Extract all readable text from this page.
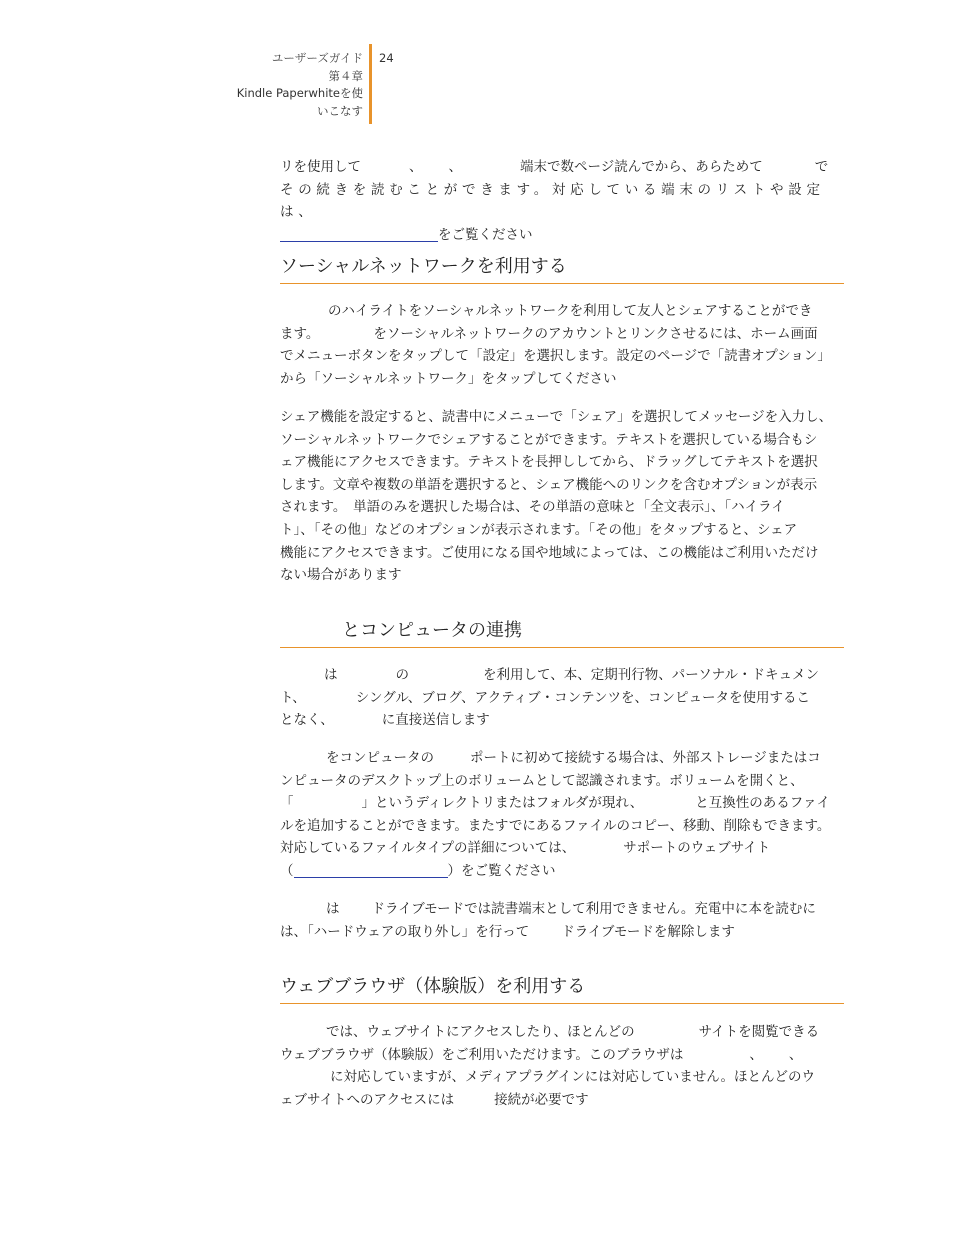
ユーザーズガイド
第４章
Kindle Paperwhiteを使
いこなす
24

リを使用して	、 、	端末で数ページ読んでから、あらためて	で

その続きを読むことができます。対応している端末のリストや設定は、

をご覧ください

ソーシャルネットワークを利用する

のハイライトをソーシャルネットワークを利用して友人とシェアすることができ

ます。	をソーシャルネットワークのアカウントとリンクさせるには、ホーム画面

でメニューボタンをタップして「設定」を選択します。設定のページで「読書オプション」

から「ソーシャルネットワーク」をタップしてください

シェア機能を設定すると、読書中にメニューで「シェア」を選択してメッセージを入力し、

ソーシャルネットワークでシェアすることができます。テキストを選択している場合もシ

ェア機能にアクセスできます。テキストを長押ししてから、ドラッグしてテキストを選択

します。文章や複数の単語を選択すると、シェア機能へのリンクを含むオプションが表示

されます。　単語のみを選択した場合は、その単語の意味と「全文表示」、「ハイライ

ト」、「その他」などのオプションが表示されます。「その他」をタップすると、シェア

機能にアクセスできます。ご使用になる国や地域によっては、この機能はご利用いただけ

ない場合があります

とコンピュータの連携

は	の	を利用して、本、定期刊行物、パーソナル・ドキュメン

ト、	シングル、ブログ、アクティブ・コンテンツを、コンピュータを使用するこ

となく、	に直接送信します

をコンピュータの	ポートに初めて接続する場合は、外部ストレージまたはコ

ンピュータのデスクトップ上のボリュームとして認識されます。ボリュームを開くと、

「	」というディレクトリまたはフォルダが現れ、	と互換性のあるファイ

ルを追加することができます。またすでにあるファイルのコピー、移動、削除もできます。

対応しているファイルタイプの詳細については、	サポートのウェブサイト

（	）をご覧ください

は ドライブモードでは読書端末として利用できません。充電中に本を読むに

は、「ハードウェアの取り外し」を行って ドライブモードを解除します

ウェブブラウザ（体験版）を利用する

では、ウェブサイトにアクセスしたり、ほとんどの	サイトを閲覧できる

ウェブブラウザ（体験版）をご利用いただけます。このブラウザは	、 、

に対応していますが、メディアプラグインには対応していません。ほとんどのウ

ェブサイトへのアクセスには	接続が必要です
